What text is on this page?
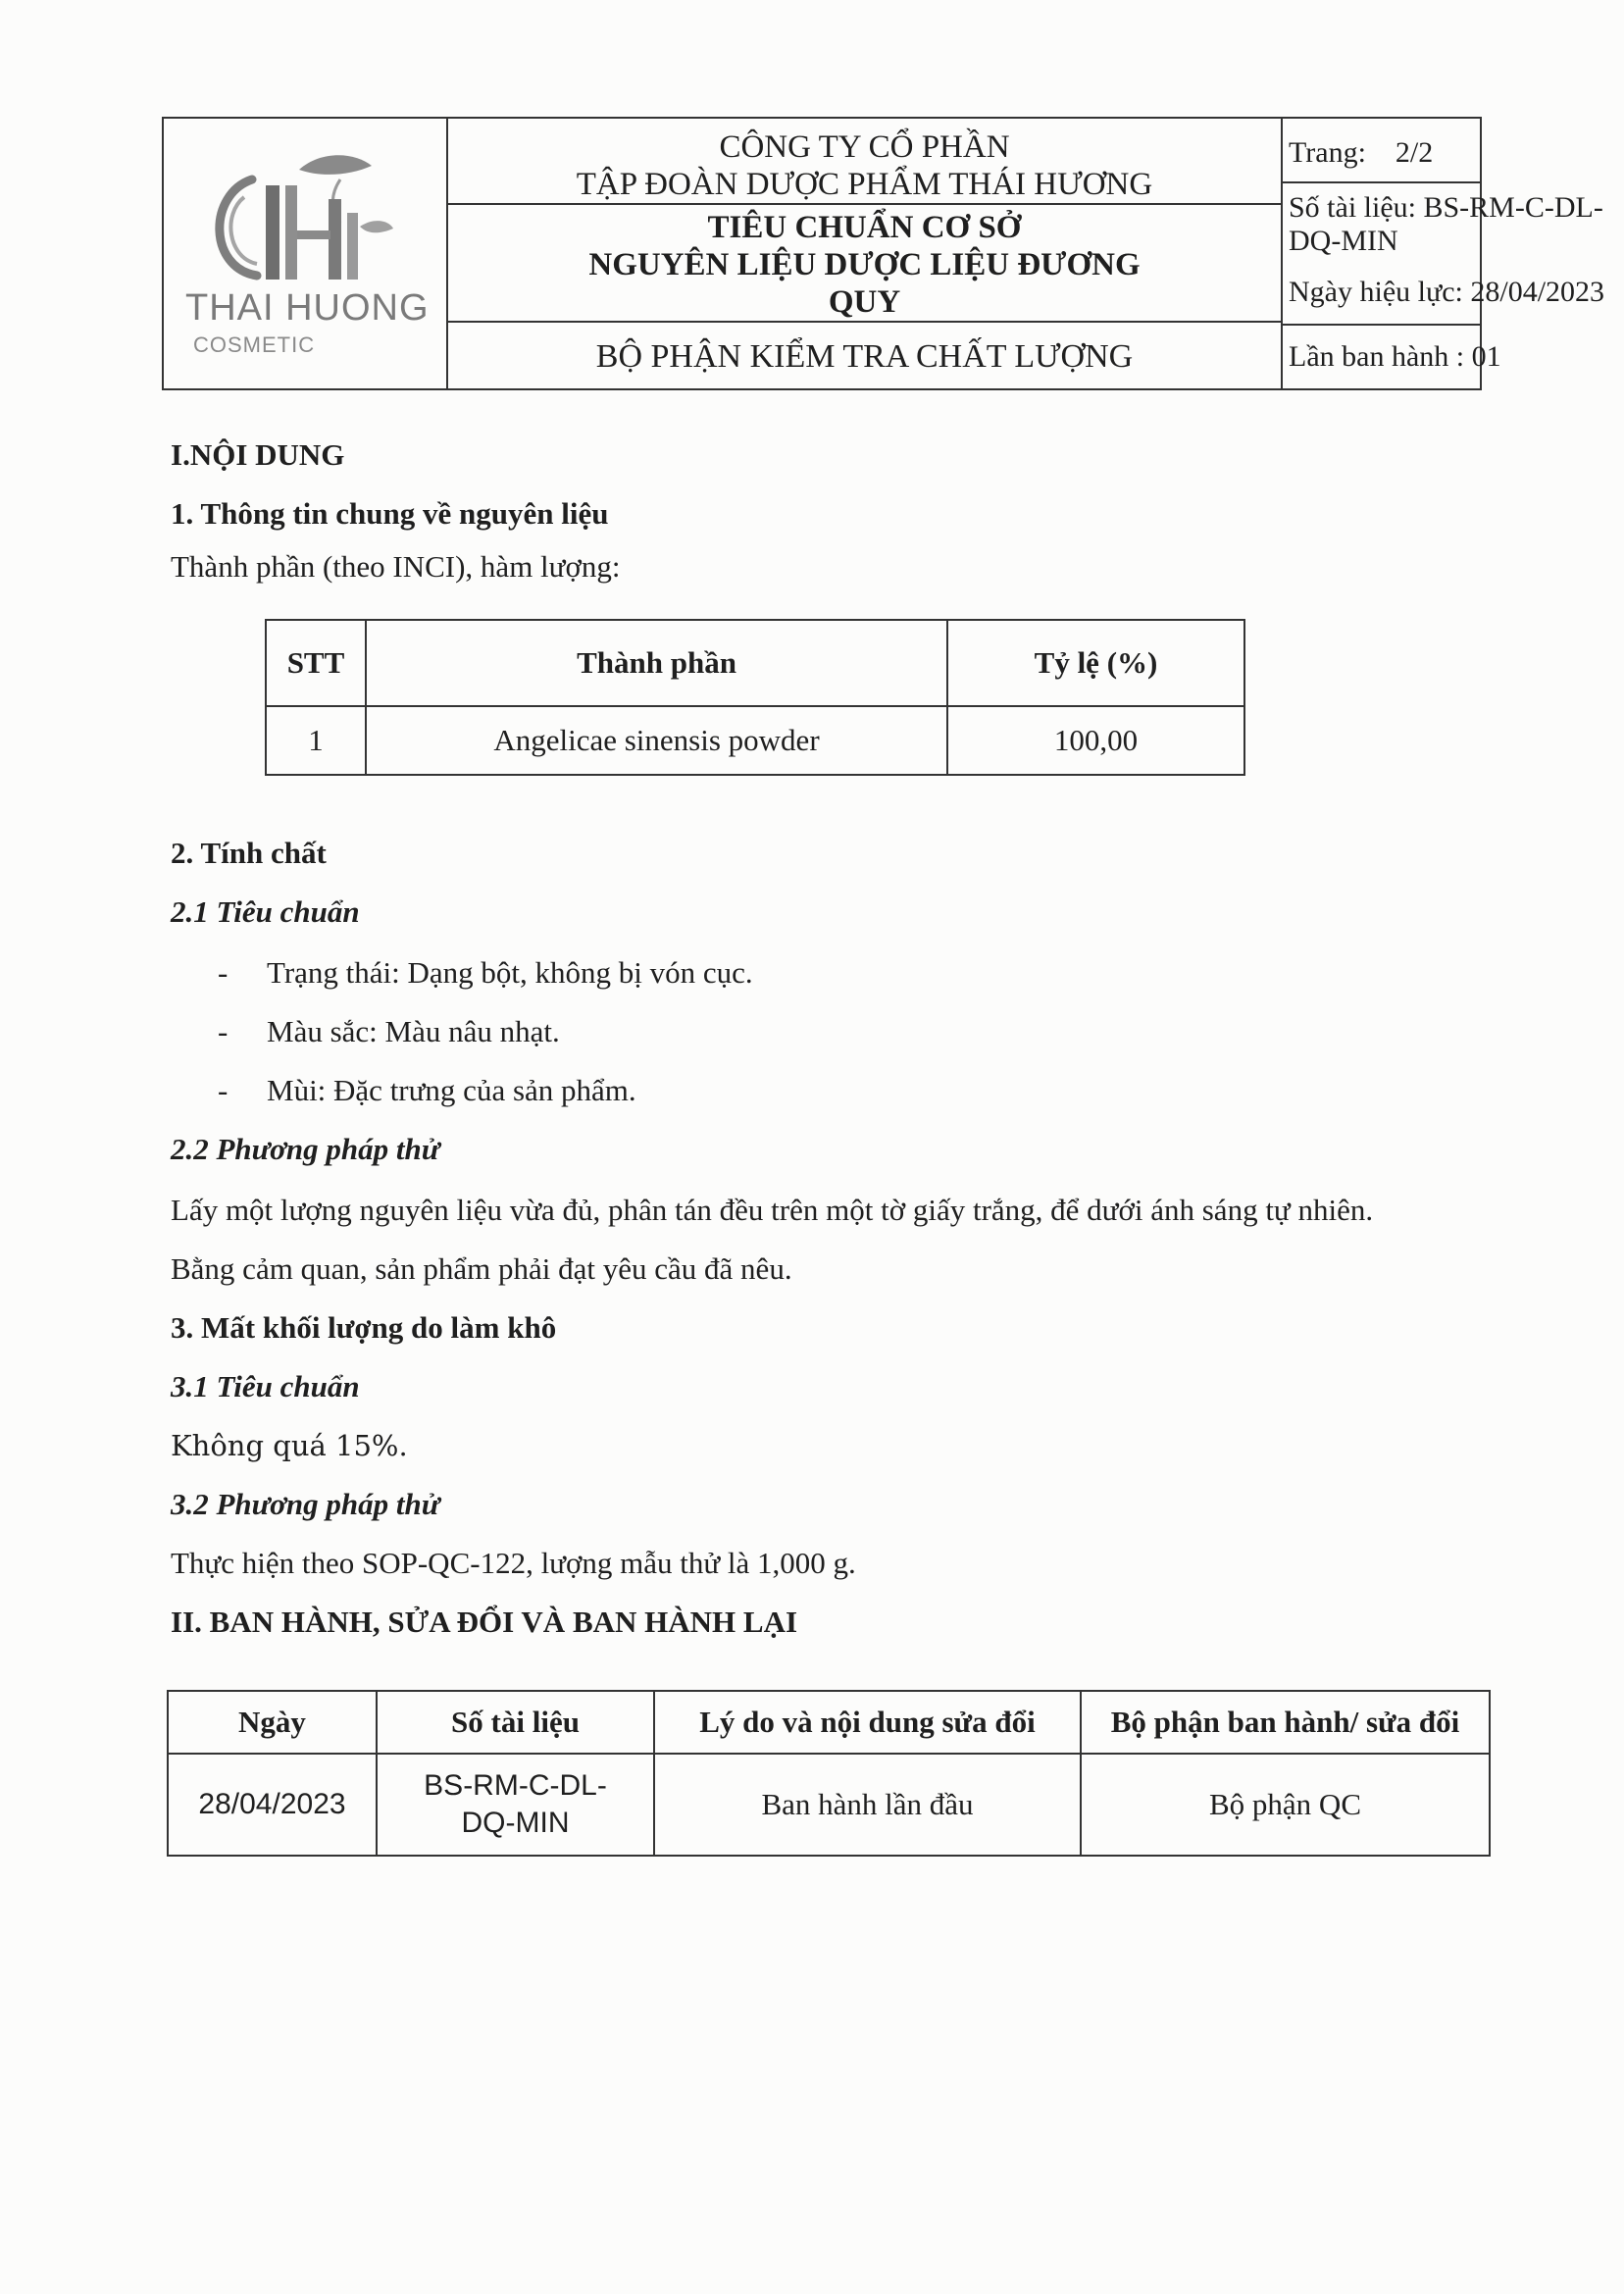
THAI HUONG
COSMETIC
CÔNG TY CỔ PHẦN
TẬP ĐOÀN DƯỢC PHẨM THÁI HƯƠNG
TIÊU CHUẨN CƠ SỞ
NGUYÊN LIỆU DƯỢC LIỆU ĐƯƠNG
QUY
BỘ PHẬN KIỂM TRA CHẤT LƯỢNG
Trang: 2/2
Số tài liệu: BS-RM-C-DL-
DQ-MIN
Ngày hiệu lực: 28/04/2023
Lần ban hành : 01
I.NỘI DUNG
1. Thông tin chung về nguyên liệu
Thành phần (theo INCI), hàm lượng:
STT	Thành phần	Tỷ lệ (%)
1	Angelicae sinensis powder	100,00
2. Tính chất
2.1 Tiêu chuẩn
- Trạng thái: Dạng bột, không bị vón cục.
- Màu sắc: Màu nâu nhạt.
- Mùi: Đặc trưng của sản phẩm.
2.2 Phương pháp thử
Lấy một lượng nguyên liệu vừa đủ, phân tán đều trên một tờ giấy trắng, để dưới ánh sáng tự nhiên.
Bằng cảm quan, sản phẩm phải đạt yêu cầu đã nêu.
3. Mất khối lượng do làm khô
3.1 Tiêu chuẩn
Không quá 15%.
3.2 Phương pháp thử
Thực hiện theo SOP-QC-122, lượng mẫu thử là 1,000 g.
II. BAN HÀNH, SỬA ĐỔI VÀ BAN HÀNH LẠI
Ngày	Số tài liệu	Lý do và nội dung sửa đổi	Bộ phận ban hành/ sửa đổi
28/04/2023	BS-RM-C-DL-
DQ-MIN	Ban hành lần đầu	Bộ phận QC
